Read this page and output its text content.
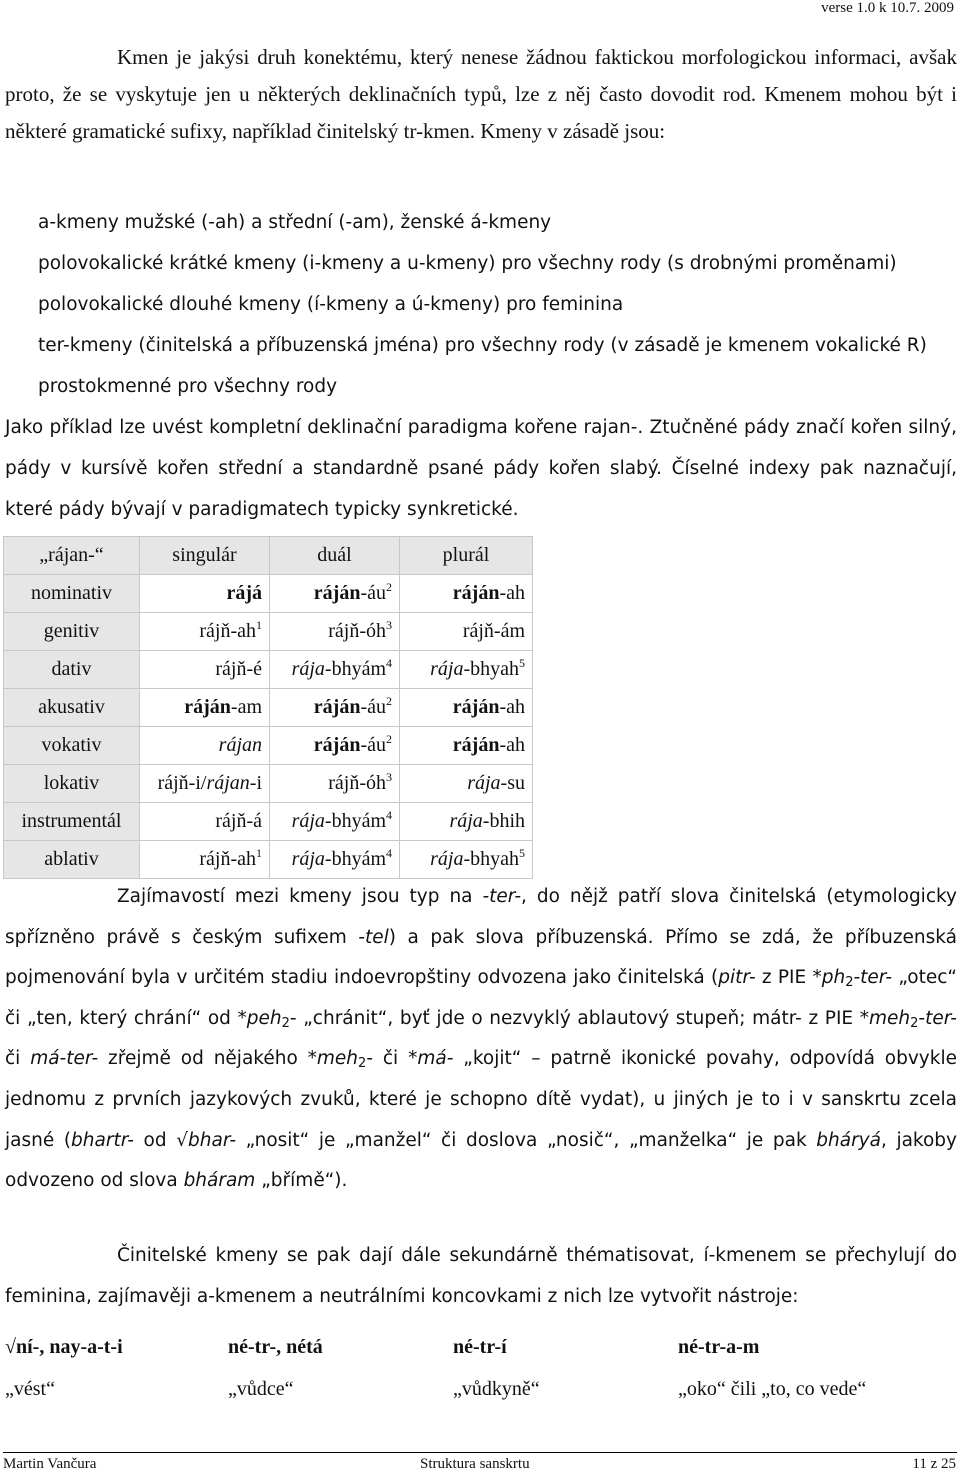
verse 1.0 k 10.7. 2009
Kmen je jakýsi druh konektému, který nenese žádnou faktickou morfologickou informaci, avšak proto, že se vyskytuje jen u některých deklinačních typů, lze z něj často dovodit rod. Kmenem mohou být i některé gramatické sufixy, například činitelský tr-kmen. Kmeny v zásadě jsou:
a-kmeny mužské (-ah) a střední (-am), ženské á-kmeny
polovokalické krátké kmeny (i-kmeny a u-kmeny) pro všechny rody (s drobnými proměnami)
polovokalické dlouhé kmeny (í-kmeny a ú-kmeny) pro feminina
ter-kmeny (činitelská a příbuzenská jména) pro všechny rody (v zásadě je kmenem vokalické R)
prostokmenné pro všechny rody
Jako příklad lze uvést kompletní deklinační paradigma kořene rajan-. Ztučněné pády značí kořen silný, pády v kursívě kořen střední a standardně psané pády kořen slabý. Číselné indexy pak naznačují, které pády bývají v paradigmatech typicky synkretické.
„rájan-“	singulár	duál	plurál
nominativ	rájá	ráján-$áu^2$	ráján-ah
genitiv	rájň-$ah^1$	rájň-$óh^3$	rájň-ám
dativ	rájň-é	rája-bhyám$^4$	rája-bhyah$^5$
akusativ	ráján-am	ráján-$áu^2$	ráján-ah
vokativ	rájan	ráján-$áu^2$	ráján-ah
lokativ	rájň-i/rájan-i	rájň-$óh^3$	rája-su
instrumentál	rájň-á	rája-bhyám$^4$	rája-bhih
ablativ	rájň-$ah^1$	rája-bhyám$^4$	rája-bhyah$^5$
Zajímavostí mezi kmeny jsou typ na -ter-, do nějž patří slova činitelská (etymologicky spřízněno právě s českým sufixem -tel) a pak slova příbuzenská. Přímo se zdá, že příbuzenská pojmenování byla v určitém stadiu indoevropštiny odvozena jako činitelská (pitr- z PIE $*ph_2-ter-$ „otec“ či „ten, který chrání“ od *peh$_2$- „chránit“, byť jde o nezvyklý ablautový stupeň; mátr- z PIE *meh$_2$-ter- či má-ter- zřejmě od nějakého *meh$_2$- či *má- „kojit“ – patrně ikonické povahy, odpovídá obvykle jednomu z prvních jazykových zvuků, které je schopno dítě vydat), u jiných je to i v sanskrtu zcela jasné (bhartr- od √bhar- „nosit“ je „manžel“ či doslova „nosič“, „manželka“ je pak bháryá, jakoby odvozeno od slova bháram „břímě“).
Činitelské kmeny se pak dají dále sekundárně thématisovat, í-kmenem se přechylují do feminina, zajímavěji a-kmenem a neutrálními koncovkami z nich lze vytvořit nástroje:
√ní-, nay-a-t-i	né-tr-, nétá	né-tr-í	né-tr-a-m
„vést“	„vůdce“	„vůdkyně“	„oko“ čili „to, co vede“
Martin Vančura	Struktura sanskrtu	11 z 25
